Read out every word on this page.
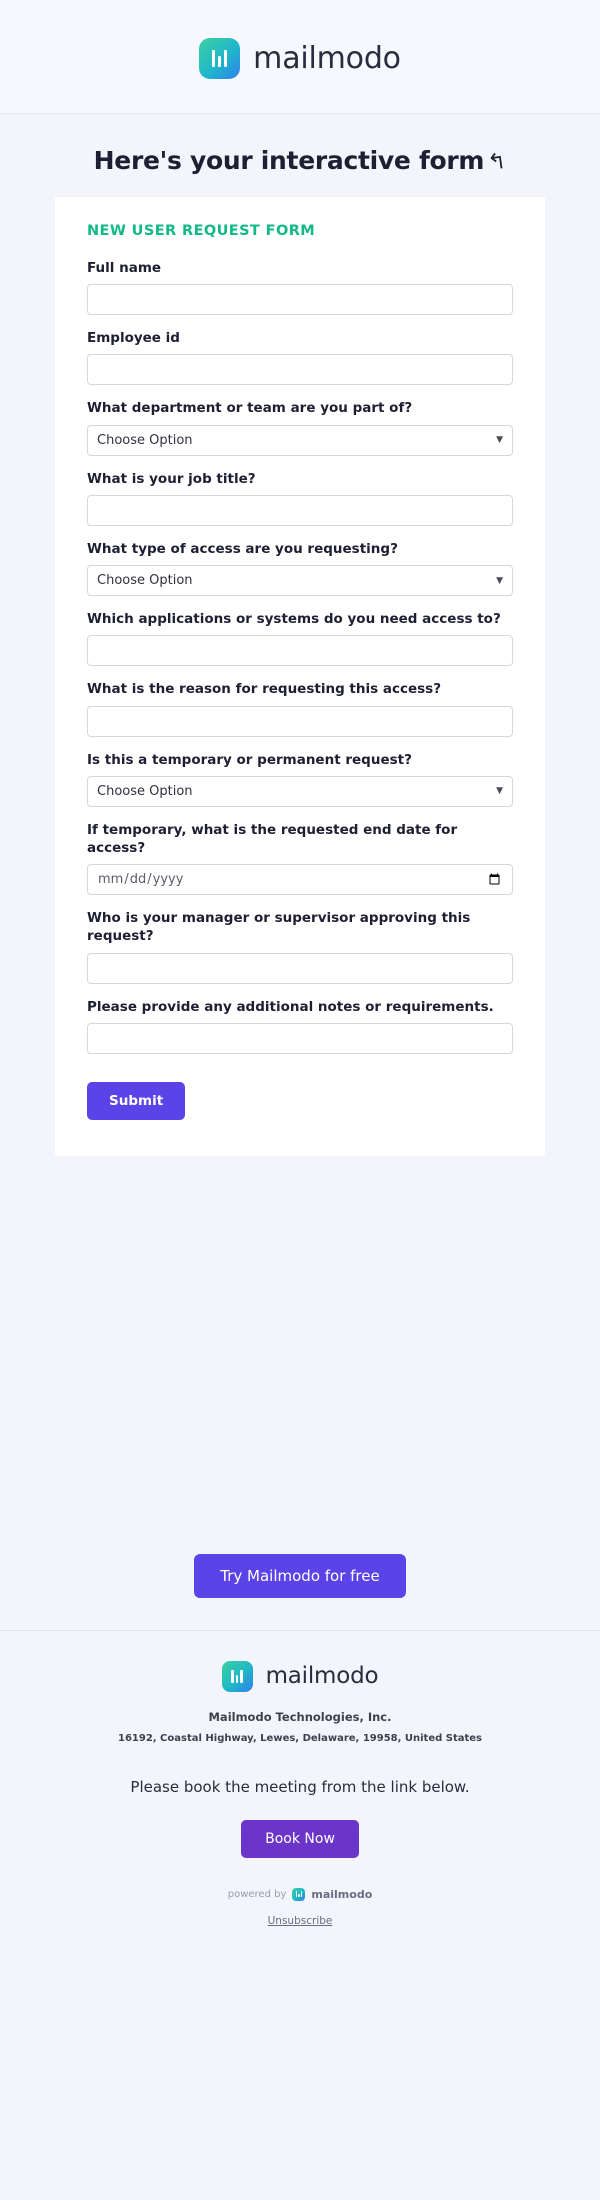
mailmodo
Here's your interactive form ↱
NEW USER REQUEST FORM
Full name
Employee id
What department or team are you part of?
Choose Option
▼
What is your job title?
What type of access are you requesting?
Choose Option
▼
Which applications or systems do you need access to?
What is the reason for requesting this access?
Is this a temporary or permanent request?
Choose Option
▼
If temporary, what is the requested end date for access?
mm/dd/yyyy
Who is your manager or supervisor approving this request?
Please provide any additional notes or requirements.
Submit
Try Mailmodo for free
mailmodo
Mailmodo Technologies, Inc.
16192, Coastal Highway, Lewes, Delaware, 19958, United States
Please book the meeting from the link below.
Book Now
powered by mailmodo
Unsubscribe
